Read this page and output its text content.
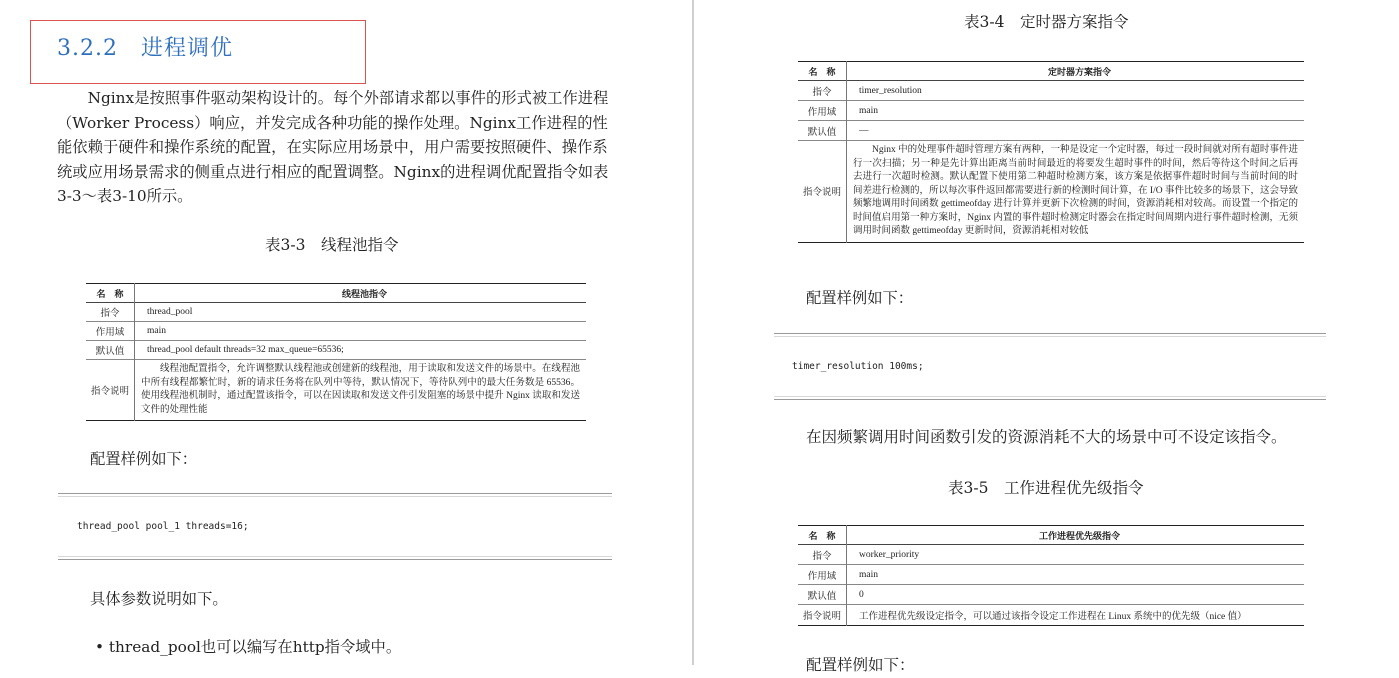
3.2.2　进程调优
Nginx是按照事件驱动架构设计的。每个外部请求都以事件的形式被工作进程（Worker Process）响应，并发完成各种功能的操作处理。Nginx工作进程的性能依赖于硬件和操作系统的配置，在实际应用场景中，用户需要按照硬件、操作系统或应用场景需求的侧重点进行相应的配置调整。Nginx的进程调优配置指令如表3-3～表3-10所示。
表3-3　线程池指令
名　称	线程池指令
指令	thread_pool
作用域	main
默认值	thread_pool default threads=32 max_queue=65536;
指令说明	线程池配置指令，允许调整默认线程池或创建新的线程池，用于读取和发送文件的场景中。在线程池中所有线程都繁忙时，新的请求任务将在队列中等待，默认情况下，等待队列中的最大任务数是 65536。使用线程池机制时，通过配置该指令，可以在因读取和发送文件引发阻塞的场景中提升 Nginx 读取和发送文件的处理性能
配置样例如下：
thread_pool pool_1 threads=16;
具体参数说明如下。
• thread_pool也可以编写在http指令域中。
表3-4　定时器方案指令
名　称	定时器方案指令
指令	timer_resolution
作用域	main
默认值	—
指令说明	Nginx 中的处理事件超时管理方案有两种，一种是设定一个定时器，每过一段时间就对所有超时事件进行一次扫描；另一种是先计算出距离当前时间最近的将要发生超时事件的时间，然后等待这个时间之后再去进行一次超时检测。默认配置下使用第二种超时检测方案，该方案是依据事件超时时间与当前时间的时间差进行检测的，所以每次事件返回都需要进行新的检测时间计算，在 I/O 事件比较多的场景下，这会导致频繁地调用时间函数 gettimeofday 进行计算并更新下次检测的时间，资源消耗相对较高。而设置一个指定的时间值启用第一种方案时，Nginx 内置的事件超时检测定时器会在指定时间周期内进行事件超时检测，无须调用时间函数 gettimeofday 更新时间，资源消耗相对较低
配置样例如下：
timer_resolution 100ms;
在因频繁调用时间函数引发的资源消耗不大的场景中可不设定该指令。
表3-5　工作进程优先级指令
名　称	工作进程优先级指令
指令	worker_priority
作用域	main
默认值	0
指令说明	工作进程优先级设定指令，可以通过该指令设定工作进程在 Linux 系统中的优先级（nice 值）
配置样例如下：
